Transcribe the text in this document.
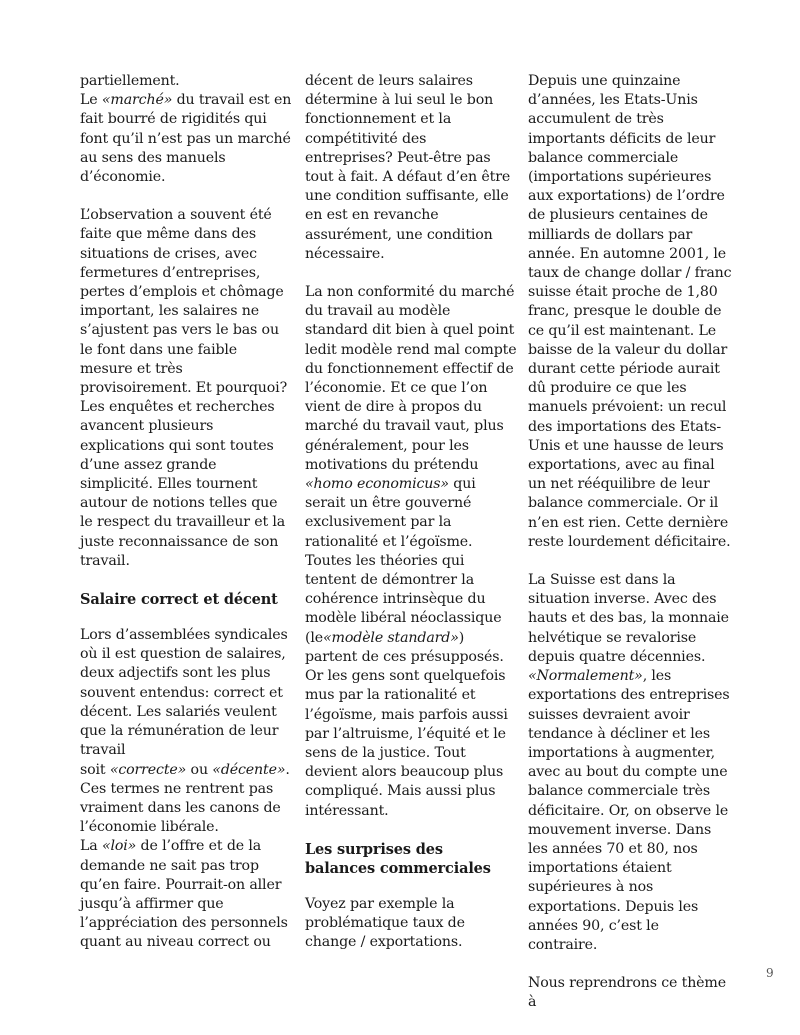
partiellement.
Le «marché» du travail est en fait bourré de rigidités qui font qu’il n’est pas un marché au sens des manuels d’économie.

L’observation a souvent été faite que même dans des situations de crises, avec fermetures d’entreprises, pertes d’emplois et chômage important, les salaires ne s’ajustent pas vers le bas ou le font dans une faible mesure et très provisoirement. Et pourquoi? Les enquêtes et recherches avancent plusieurs explications qui sont toutes d’une assez grande simplicité. Elles tournent autour de notions telles que le respect du travailleur et la juste reconnaissance de son travail.

Salaire correct et décent

Lors d’assemblées syndicales où il est question de salaires, deux adjectifs sont les plus souvent entendus: correct et décent. Les salariés veulent que la rémunération de leur travail
soit «correcte» ou «décente». Ces termes ne rentrent pas vraiment dans les canons de l’économie libérale.
La «loi» de l’offre et de la demande ne sait pas trop qu’en faire. Pourrait-on aller jusqu’à affirmer que l’appréciation des personnels quant au niveau correct ou

décent de leurs salaires détermine à lui seul le bon fonctionnement et la compétitivité des entreprises? Peut-être pas tout à fait. A défaut d’en être une condition suffisante, elle en est en revanche assurément, une condition nécessaire.

La non conformité du marché du travail au modèle standard dit bien à quel point ledit modèle rend mal compte du fonctionnement effectif de l’économie. Et ce que l’on vient de dire à propos du marché du travail vaut, plus généralement, pour les motivations du prétendu «homo economicus» qui serait un être gouverné exclusivement par la rationalité et l’égoïsme. Toutes les théories qui tentent de démontrer la cohérence intrinsèque du modèle libéral néoclassique (le«modèle standard») partent de ces présupposés. Or les gens sont quelquefois mus par la rationalité et l’égoïsme, mais parfois aussi par l’altruisme, l’équité et le sens de la justice. Tout devient alors beaucoup plus compliqué. Mais aussi plus intéressant.

Les surprises des balances commerciales

Voyez par exemple la problématique taux de change / exportations.

Depuis une quinzaine d’années, les Etats-Unis accumulent de très importants déficits de leur balance commerciale (importations supérieures aux exportations) de l’ordre de plusieurs centaines de milliards de dollars par année. En automne 2001, le taux de change dollar / franc suisse était proche de 1,80 franc, presque le double de ce qu’il est maintenant. Le baisse de la valeur du dollar durant cette période aurait dû produire ce que les manuels prévoient: un recul des importations des Etats-Unis et une hausse de leurs exportations, avec au final un net rééquilibre de leur balance commerciale. Or il n’en est rien. Cette dernière reste lourdement déficitaire.

La Suisse est dans la situation inverse. Avec des hauts et des bas, la monnaie helvétique se revalorise depuis quatre décennies. «Normalement», les exportations des entreprises suisses devraient avoir tendance à décliner et les importations à augmenter, avec au bout du compte une balance commerciale très déficitaire. Or, on observe le mouvement inverse. Dans les années 70 et 80, nos importations étaient supérieures à nos exportations. Depuis les années 90, c’est le contraire.

Nous reprendrons ce thème à

9
